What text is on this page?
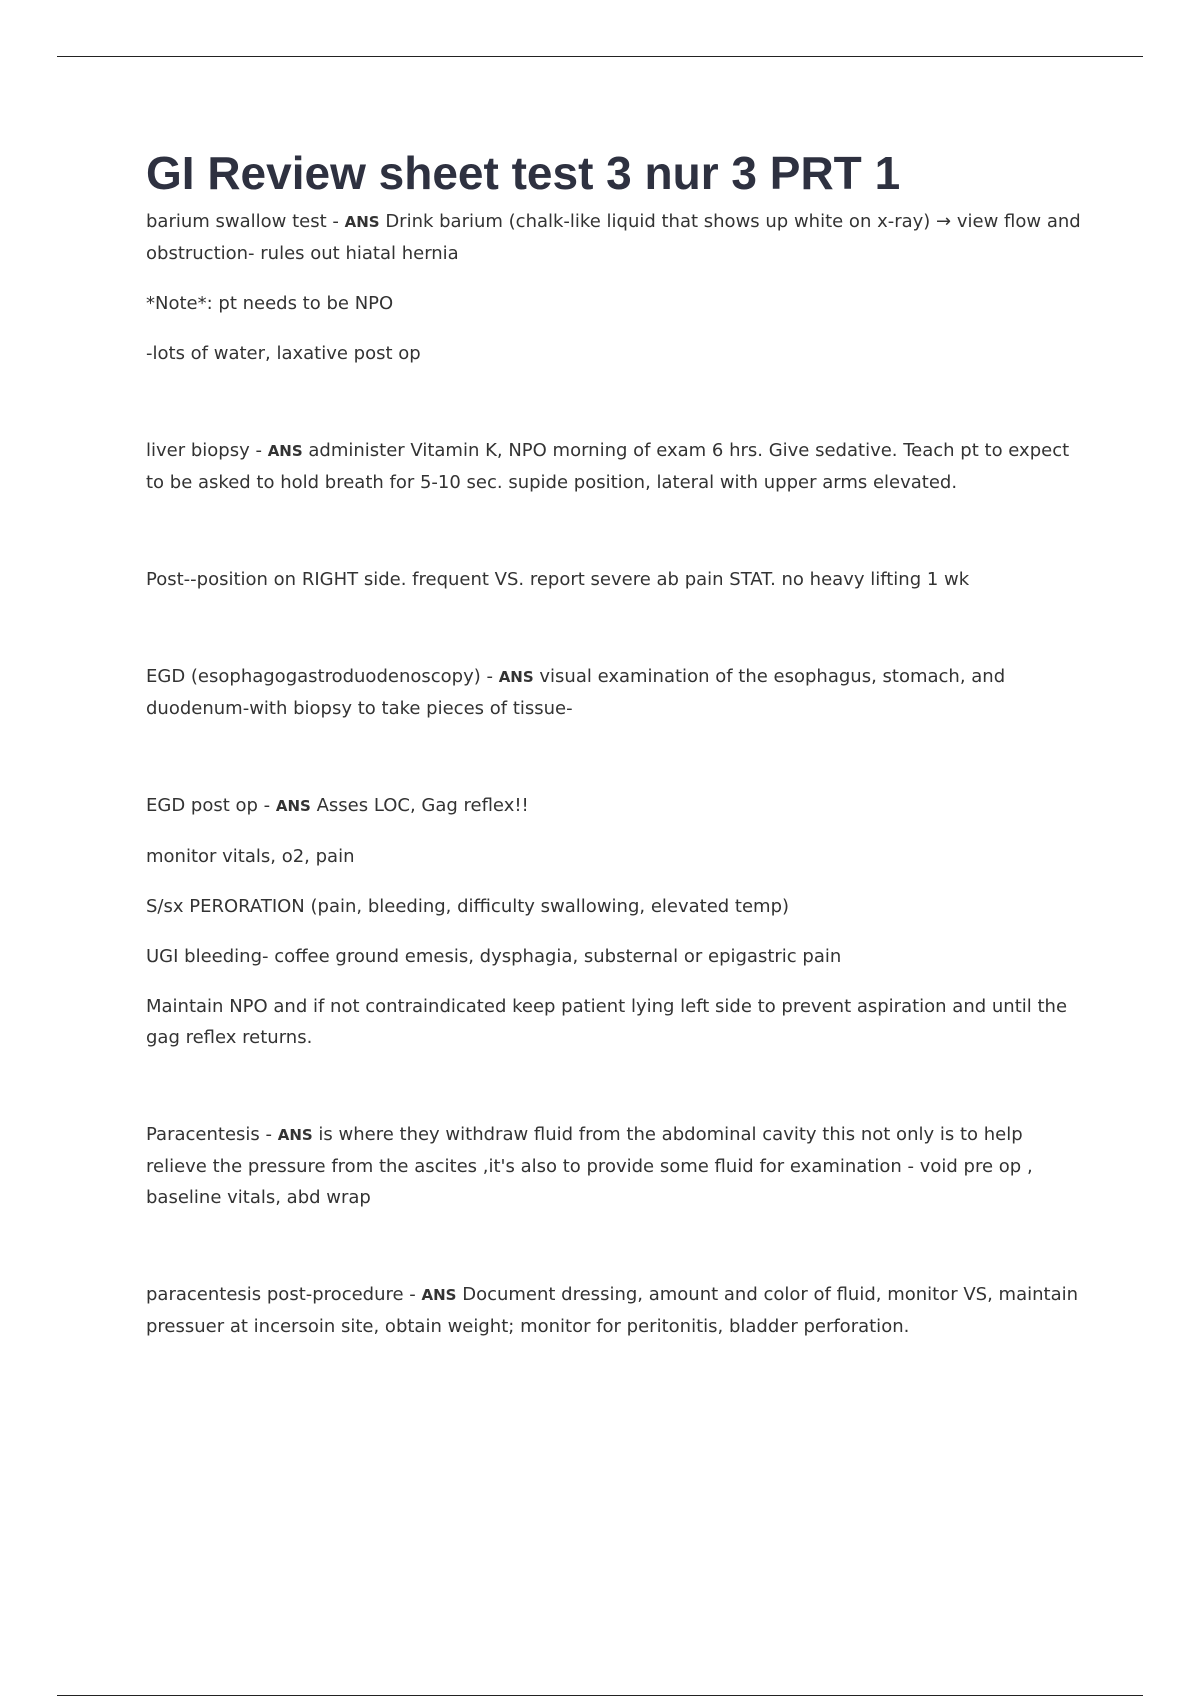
GI Review sheet test 3 nur 3 PRT 1

barium swallow test - ANS Drink barium (chalk-like liquid that shows up white on x-ray) → view flow and obstruction- rules out hiatal hernia

*Note*: pt needs to be NPO

-lots of water, laxative post op

liver biopsy - ANS administer Vitamin K, NPO morning of exam 6 hrs. Give sedative. Teach pt to expect to be asked to hold breath for 5-10 sec. supide position, lateral with upper arms elevated.

Post--position on RIGHT side. frequent VS. report severe ab pain STAT. no heavy lifting 1 wk

EGD (esophagogastroduodenoscopy) - ANS visual examination of the esophagus, stomach, and duodenum-with biopsy to take pieces of tissue-

EGD post op - ANS Asses LOC, Gag reflex!!

monitor vitals, o2, pain

S/sx PERORATION (pain, bleeding, difficulty swallowing, elevated temp)

UGI bleeding- coffee ground emesis, dysphagia, substernal or epigastric pain

Maintain NPO and if not contraindicated keep patient lying left side to prevent aspiration and until the gag reflex returns.

Paracentesis - ANS is where they withdraw fluid from the abdominal cavity this not only is to help relieve the pressure from the ascites ,it's also to provide some fluid for examination - void pre op , baseline vitals, abd wrap

paracentesis post-procedure - ANS Document dressing, amount and color of fluid, monitor VS, maintain pressuer at incersoin site, obtain weight; monitor for peritonitis, bladder perforation.
